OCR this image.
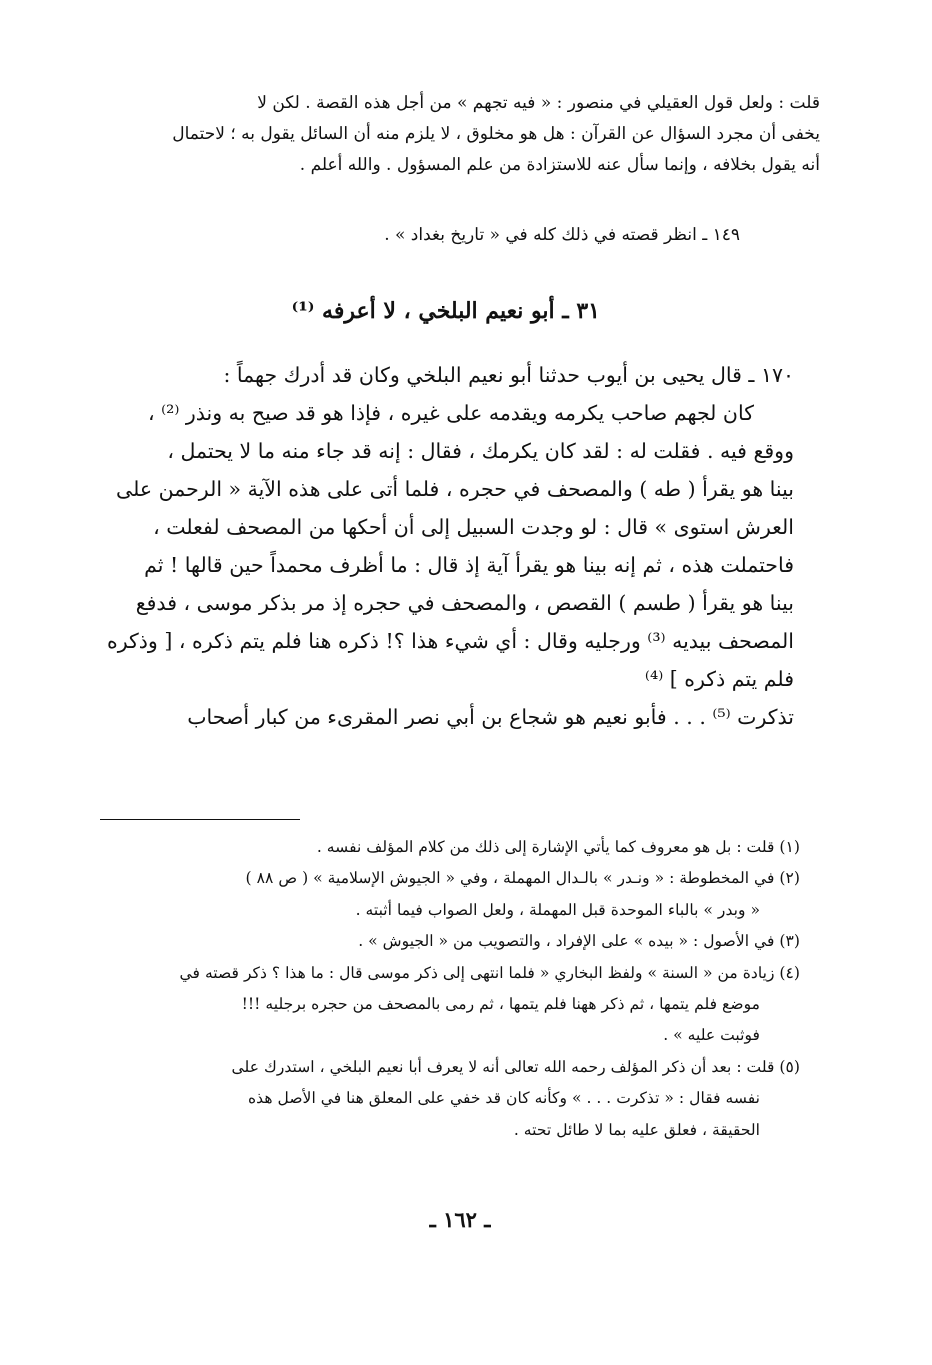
قلت : ولعل قول العقيلي في منصور : « فيه تجهم » من أجل هذه القصة . لكن لا
يخفى أن مجرد السؤال عن القرآن : هل هو مخلوق ، لا يلزم منه أن السائل يقول به ؛ لاحتمال
أنه يقول بخلافه ، وإنما سأل عنه للاستزادة من علم المسؤول . والله أعلم .
١٤٩ ـ انظر قصته في ذلك كله في « تاريخ بغداد » .
٣١ ـ أبو نعيم البلخي ، لا أعرفه ⁽¹⁾
١٧٠ ـ قال يحيى بن أيوب حدثنا أبو نعيم البلخي وكان قد أدرك جهماً :
كان لجهم صاحب يكرمه ويقدمه على غيره ، فإذا هو قد صيح به ونذر ⁽²⁾ ،
ووقع فيه . فقلت له : لقد كان يكرمك ، فقال : إنه قد جاء منه ما لا يحتمل ،
بينا هو يقرأ ( طه ) والمصحف في حجره ، فلما أتى على هذه الآية « الرحمن على
العرش استوى » قال : لو وجدت السبيل إلى أن أحكها من المصحف لفعلت ،
فاحتملت هذه ، ثم إنه بينا هو يقرأ آية إذ قال : ما أظرف محمداً حين قالها ! ثم
بينا هو يقرأ ( طسم ) القصص ، والمصحف في حجره إذ مر بذكر موسى ، فدفع
المصحف بيديه ⁽³⁾ ورجليه وقال : أي شيء هذا ؟! ذكره هنا فلم يتم ذكره ، [ وذكره
فلم يتم ذكره ] ⁽⁴⁾
تذكرت ⁽⁵⁾ . . . فأبو نعيم هو شجاع بن أبي نصر المقرىء من كبار أصحاب
(١) قلت : بل هو معروف كما يأتي الإشارة إلى ذلك من كلام المؤلف نفسه .
(٢) في المخطوطة : « ونـدر » بالـدال المهملة ، وفي « الجيوش الإسلامية » ( ص ٨٨ )
« وبدر » بالباء الموحدة قبل المهملة ، ولعل الصواب فيما أثبته .
(٣) في الأصول : « بيده » على الإفراد ، والتصويب من « الجيوش » .
(٤) زيادة من « السنة » ولفظ البخاري « فلما انتهى إلى ذكر موسى قال : ما هذا ؟ ذكر قصته في
موضع فلم يتمها ، ثم ذكر ههنا فلم يتمها ، ثم رمى بالمصحف من حجره برجليه !!!
فوثبت عليه » .
(٥) قلت : بعد أن ذكر المؤلف رحمه الله تعالى أنه لا يعرف أبا نعيم البلخي ، استدرك على
نفسه فقال : « تذكرت . . . » وكأنه كان قد خفي على المعلق هنا في الأصل هذه
الحقيقة ، فعلق عليه بما لا طائل تحته .
ـ ١٦٢ ـ
